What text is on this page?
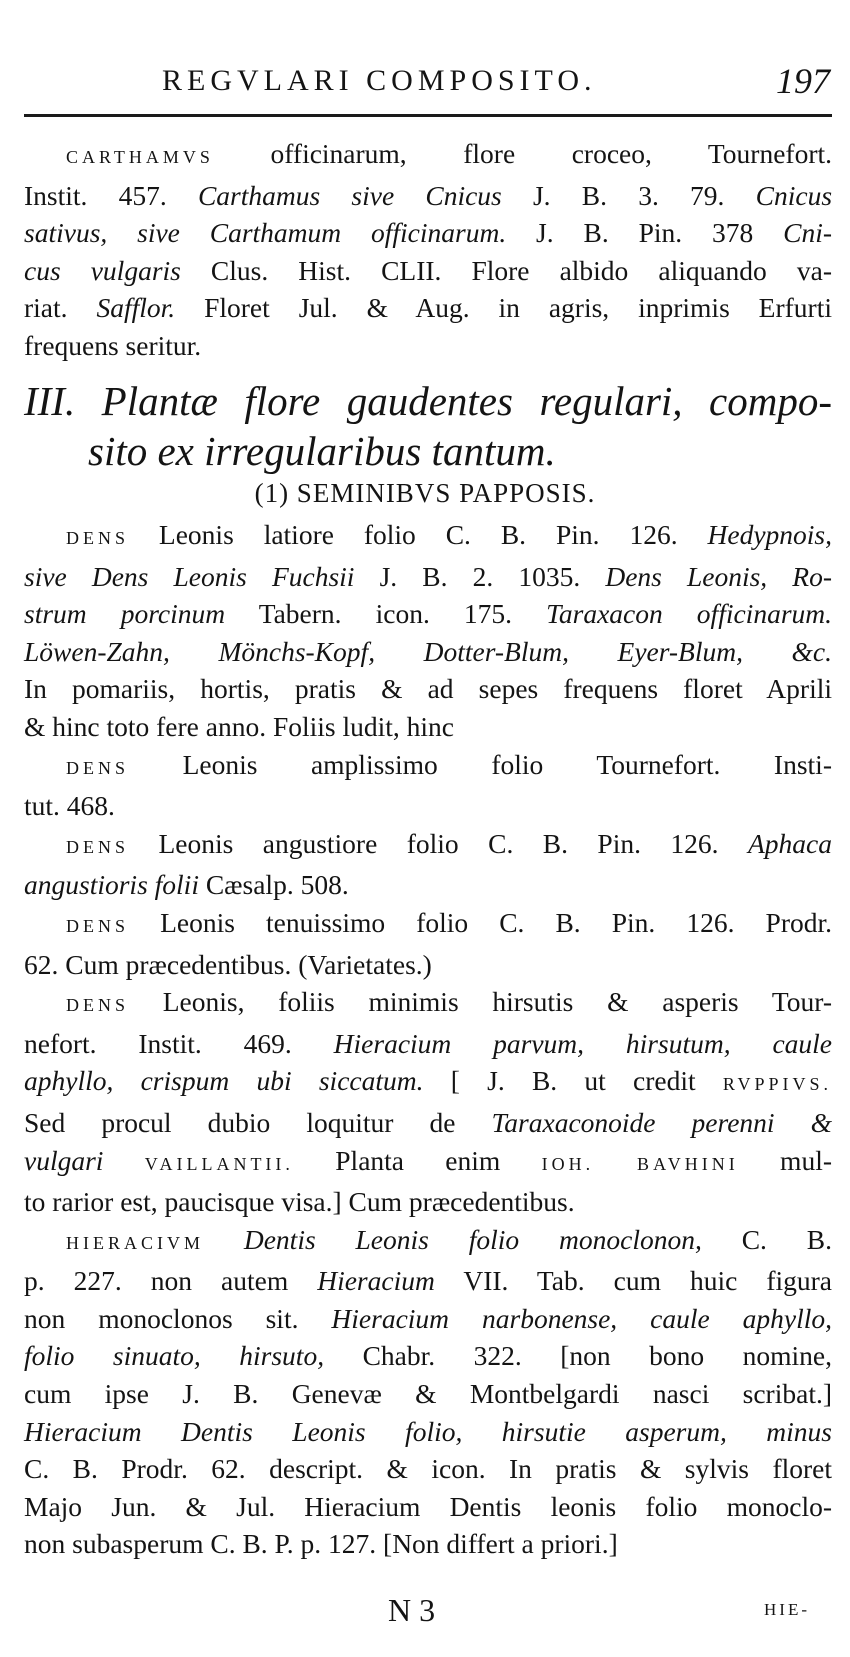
REGVLARI COMPOSITO.	197

CARTHAMVS officinarum, flore croceo, Tournefort.
Instit. 457. Carthamus sive Cnicus J. B. 3. 79. Cnicus
sativus, sive Carthamum officinarum. J. B. Pin. 378 Cni-
cus vulgaris Clus. Hist. CLII. Flore albido aliquando va-
riat. Safflor. Floret Jul. & Aug. in agris, inprimis Erfurti
frequens seritur.

III. Plantæ flore gaudentes regulari, compo-
sito ex irregularibus tantum.
(1) SEMINIBVS PAPPOSIS.

DENS Leonis latiore folio C. B. Pin. 126. Hedypnois,
sive Dens Leonis Fuchsii J. B. 2. 1035. Dens Leonis, Ro-
strum porcinum Tabern. icon. 175. Taraxacon officinarum.
Löwen-Zahn, Mönchs-Kopf, Dotter-Blum, Eyer-Blum, &c.
In pomariis, hortis, pratis & ad sepes frequens floret Aprili
& hinc toto fere anno. Foliis ludit, hinc

DENS Leonis amplissimo folio Tournefort. Insti-
tut. 468.

DENS Leonis angustiore folio C. B. Pin. 126. Aphaca
angustioris folii Cæsalp. 508.

DENS Leonis tenuissimo folio C. B. Pin. 126. Prodr.
62. Cum præcedentibus. (Varietates.)

DENS Leonis, foliis minimis hirsutis & asperis Tour-
nefort. Instit. 469. Hieracium parvum, hirsutum, caule
aphyllo, crispum ubi siccatum. [ J. B. ut credit RVPPIVS.
Sed procul dubio loquitur de Taraxaconoide perenni &
vulgari VAILLANTII. Planta enim IOH. BAVHINI mul-
to rarior est, paucisque visa.] Cum præcedentibus.

HIERACIVM Dentis Leonis folio monoclonon, C. B.
p. 227. non autem Hieracium VII. Tab. cum huic figura
non monoclonos sit. Hieracium narbonense, caule aphyllo,
folio sinuato, hirsuto, Chabr. 322. [non bono nomine,
cum ipse J. B. Genevæ & Montbelgardi nasci scribat.]
Hieracium Dentis Leonis folio, hirsutie asperum, minus
C. B. Prodr. 62. descript. & icon. In pratis & sylvis floret
Majo Jun. & Jul. Hieracium Dentis leonis folio monoclo-
non subasperum C. B. P. p. 127. [Non differt a priori.]

N 3	HIE-
